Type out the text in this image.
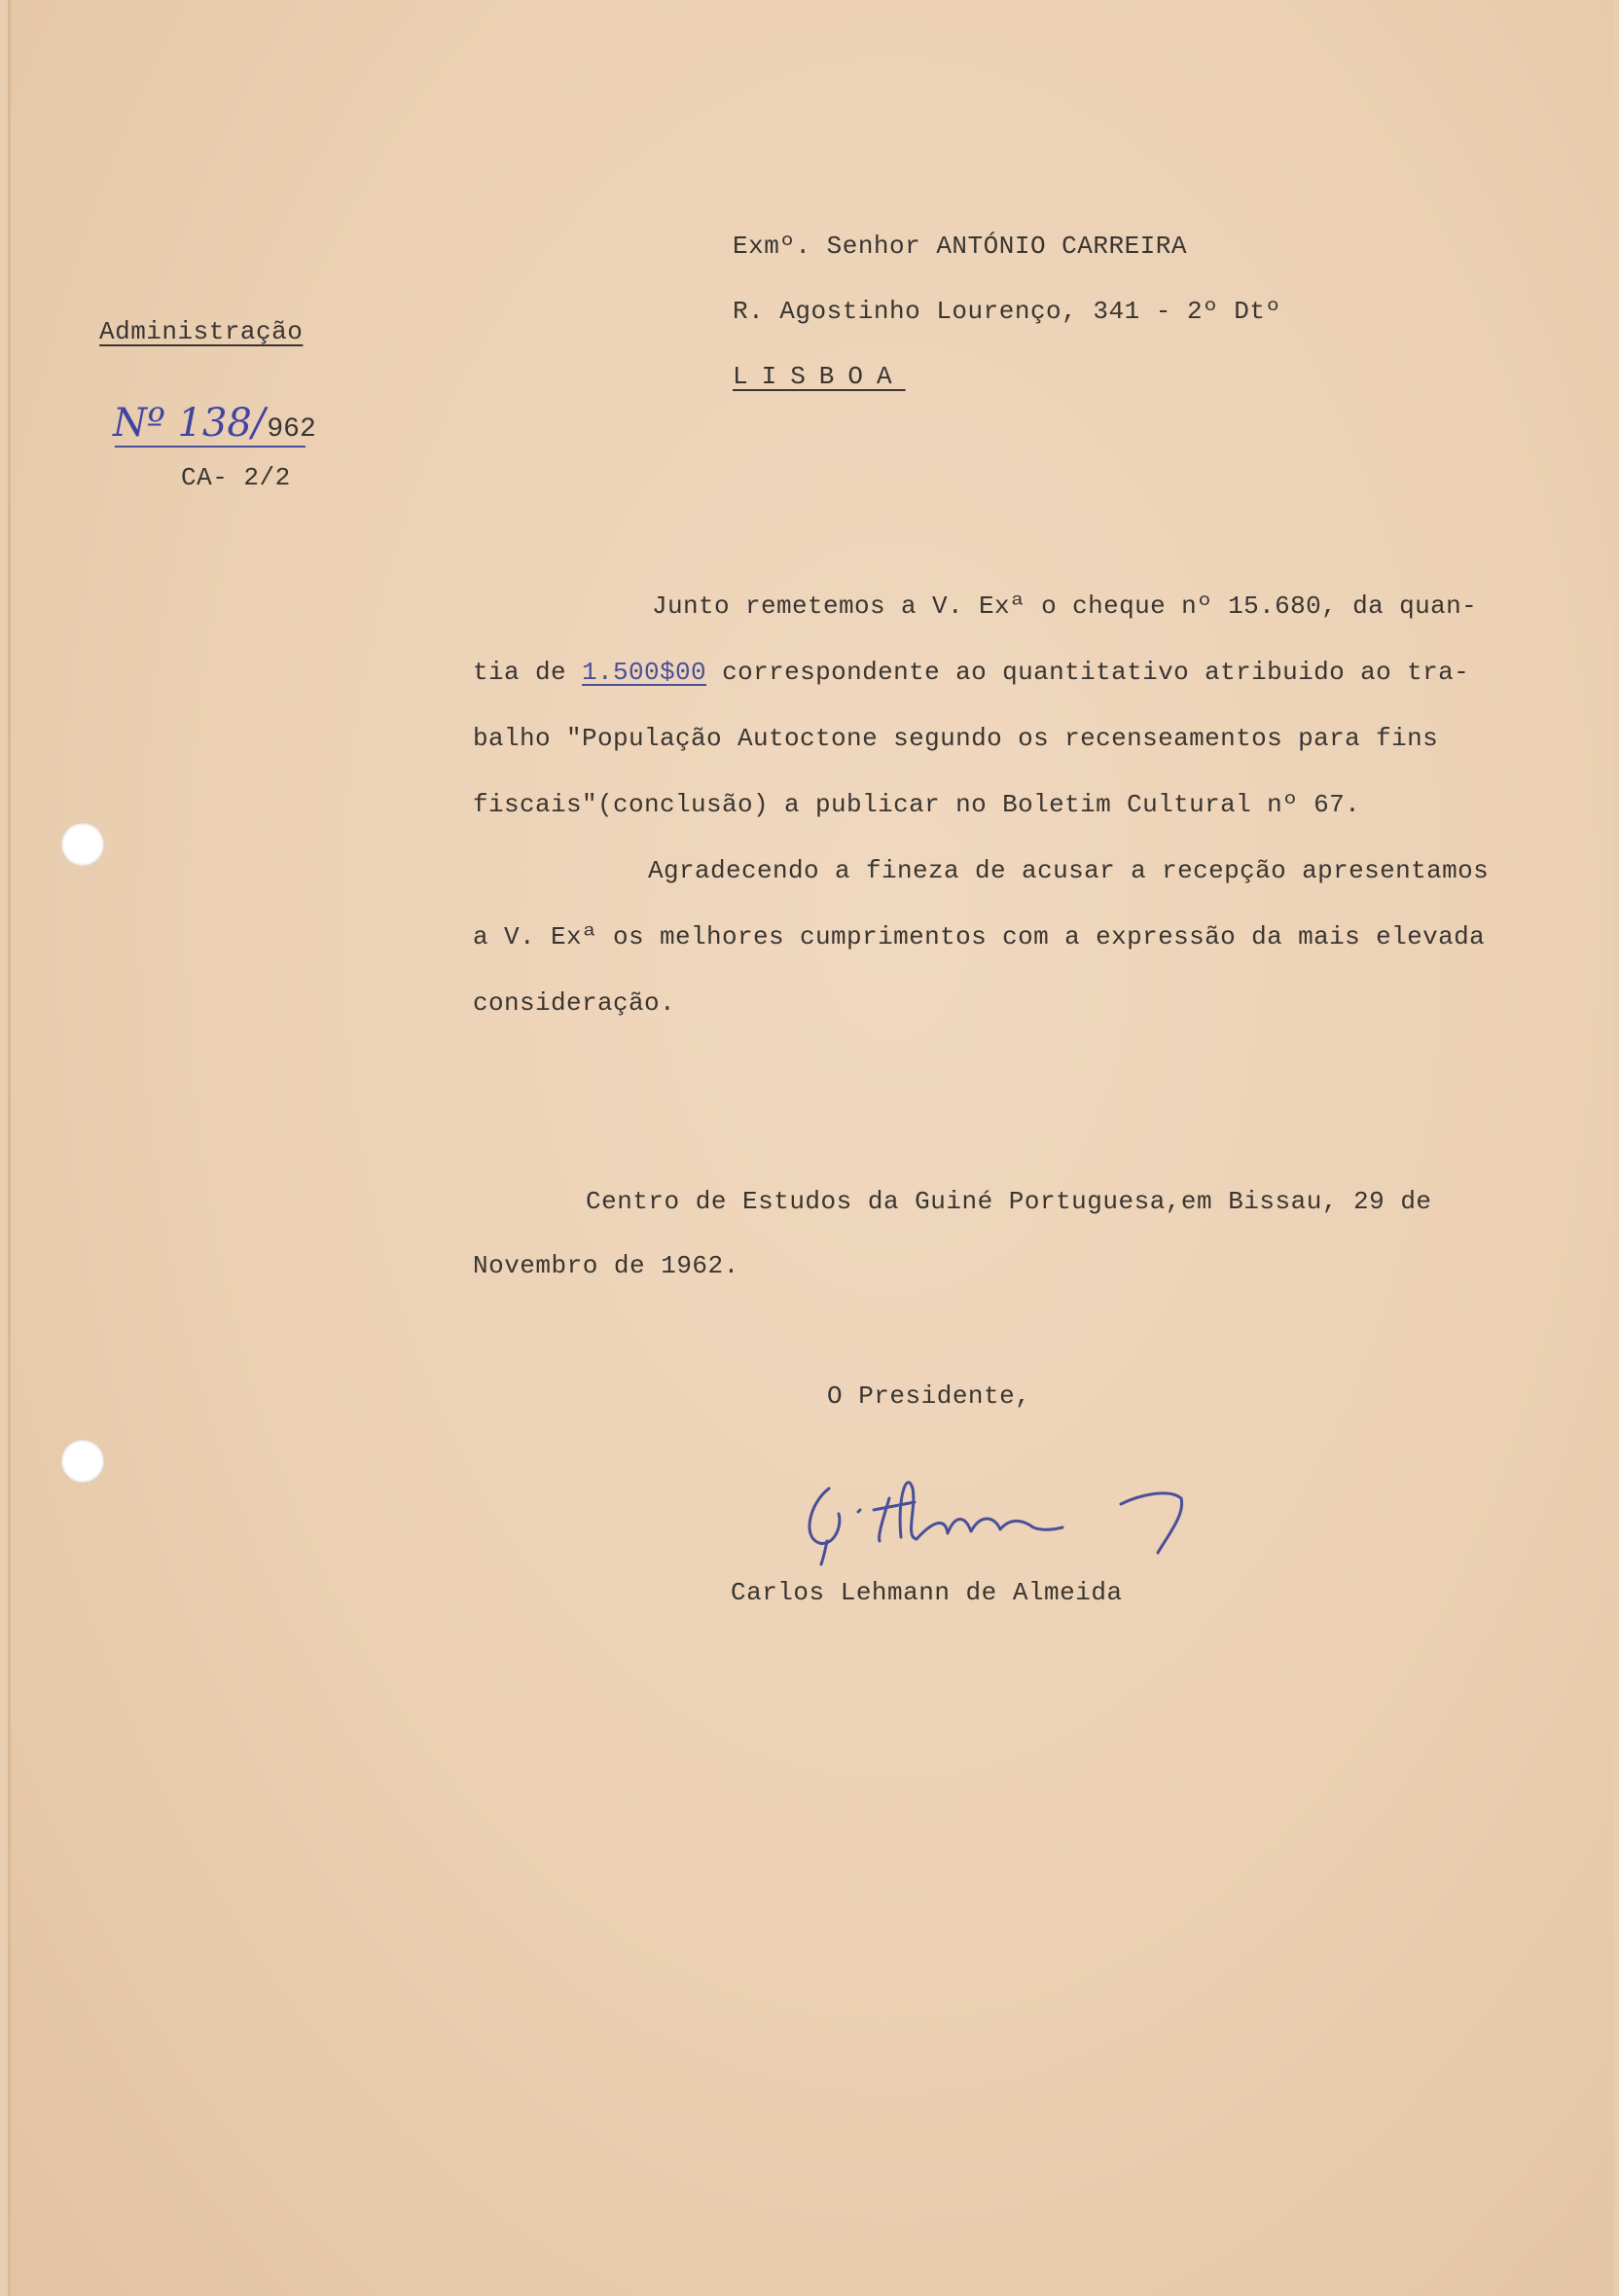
Administração
Nº 138/962
CA- 2/2
Exmº. Senhor ANTÓNIO CARREIRA
R. Agostinho Lourenço, 341 - 2º Dtº
LISBOA
Junto remetemos a V. Exª o cheque nº 15.680, da quan-
tia de 1.500$00 correspondente ao quantitativo atribuido ao tra-
balho "População Autoctone segundo os recenseamentos para fins
fiscais"(conclusão) a publicar no Boletim Cultural nº 67.
Agradecendo a fineza de acusar a recepção apresentamos
a V. Exª os melhores cumprimentos com a expressão da mais elevada
consideração.
Centro de Estudos da Guiné Portuguesa,em Bissau, 29 de
Novembro de 1962.
O Presidente,
Carlos Lehmann de Almeida
